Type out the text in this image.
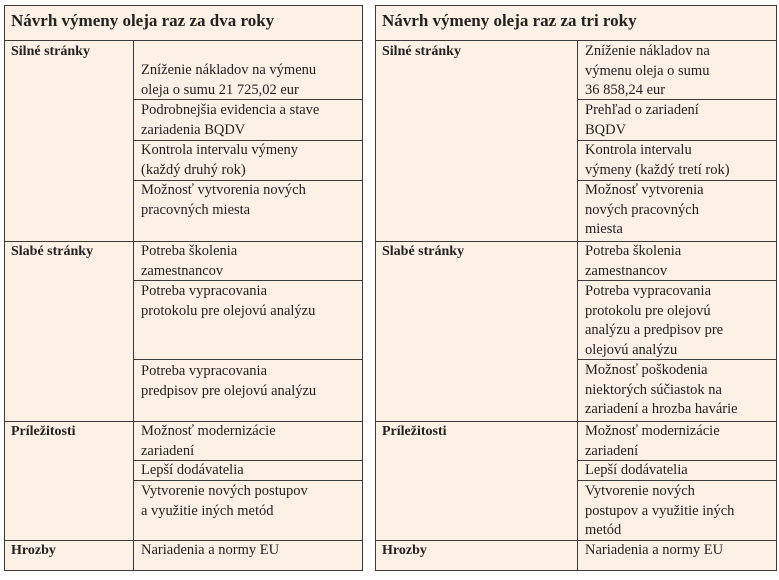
Návrh výmeny oleja raz za dva roky
Silné stránky
Slabé stránky
Príležitosti
Hrozby
Zníženie nákladov na výmenu
oleja o sumu 21 725,02 eur
Podrobnejšia evidencia a stave
zariadenia BQDV
Kontrola intervalu výmeny
(každý druhý rok)
Možnosť vytvorenia nových
pracovných miesta
Potreba školenia
zamestnancov
Potreba vypracovania
protokolu pre olejovú analýzu
Potreba vypracovania
predpisov pre olejovú analýzu
Možnosť modernizácie
zariadení
Lepší dodávatelia
Vytvorenie nových postupov
a využitie iných metód
Nariadenia a normy EU
Návrh výmeny oleja raz za tri roky
Silné stránky
Slabé stránky
Príležitosti
Hrozby
Zníženie nákladov na
výmenu oleja o sumu
36 858,24 eur
Prehľad o zariadení
BQDV
Kontrola intervalu
výmeny (každý tretí rok)
Možnosť vytvorenia
nových pracovných
miesta
Potreba školenia
zamestnancov
Potreba vypracovania
protokolu pre olejovú
analýzu a predpisov pre
olejovú analýzu
Možnosť poškodenia
niektorých súčiastok na
zariadení a hrozba havárie
Možnosť modernizácie
zariadení
Lepší dodávatelia
Vytvorenie nových
postupov a využitie iných
metód
Nariadenia a normy EU
